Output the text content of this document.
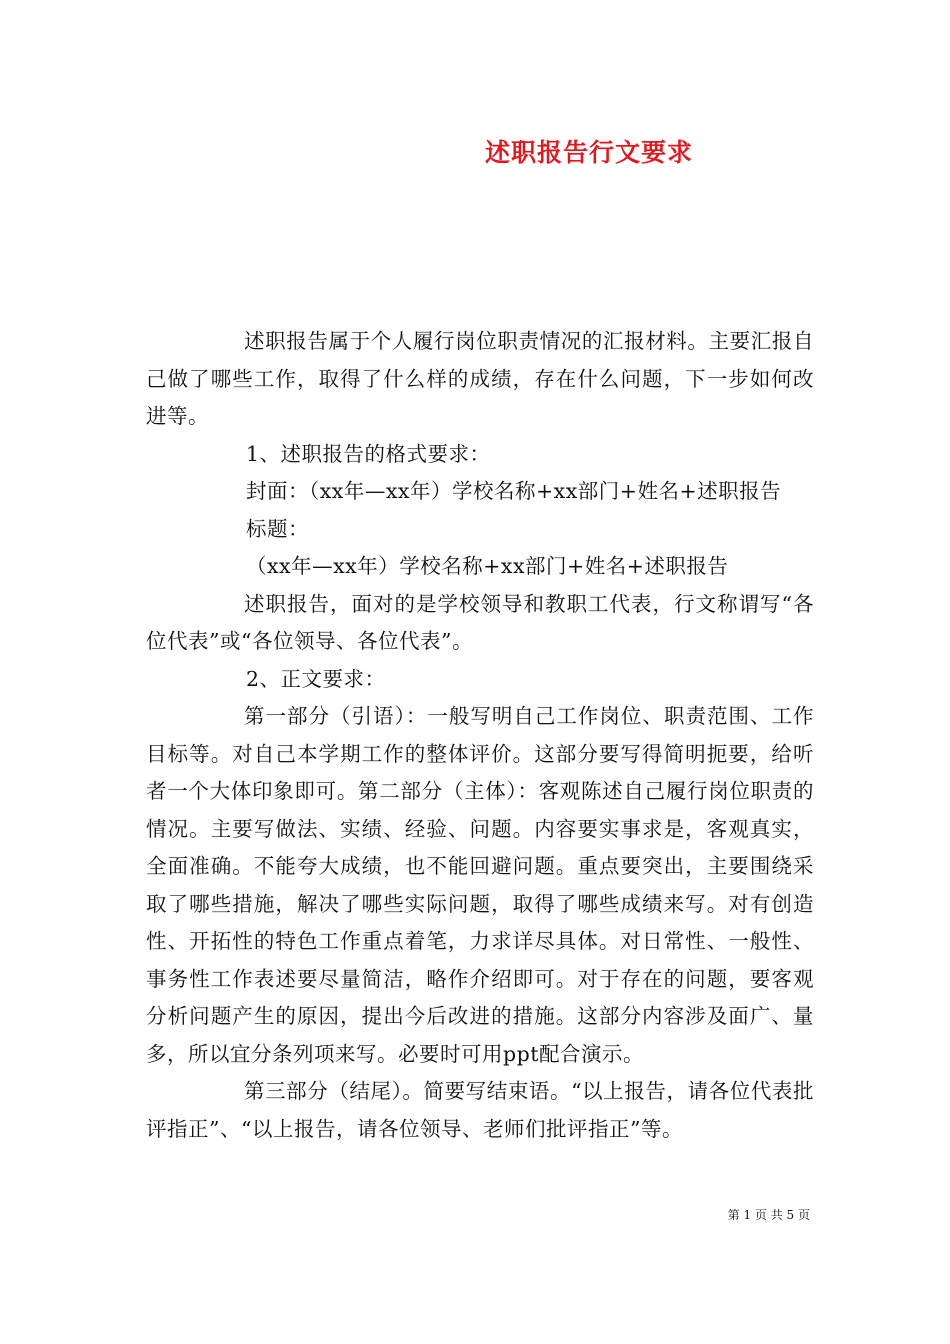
述职报告行文要求

述职报告属于个人履行岗位职责情况的汇报材料。主要汇报自己做了哪些工作，取得了什么样的成绩，存在什么问题，下一步如何改进等。

1、述职报告的格式要求：

封面：（xx年—xx年）学校名称+xx部门+姓名+述职报告

标题：

（xx年—xx年）学校名称+xx部门+姓名+述职报告

述职报告，面对的是学校领导和教职工代表，行文称谓写“各位代表”或“各位领导、各位代表”。

2、正文要求：

第一部分（引语）：一般写明自己工作岗位、职责范围、工作目标等。对自己本学期工作的整体评价。这部分要写得简明扼要，给听者一个大体印象即可。第二部分（主体）：客观陈述自己履行岗位职责的情况。主要写做法、实绩、经验、问题。内容要实事求是，客观真实，全面准确。不能夸大成绩，也不能回避问题。重点要突出，主要围绕采取了哪些措施，解决了哪些实际问题，取得了哪些成绩来写。对有创造性、开拓性的特色工作重点着笔，力求详尽具体。对日常性、一般性、事务性工作表述要尽量简洁，略作介绍即可。对于存在的问题，要客观分析问题产生的原因，提出今后改进的措施。这部分内容涉及面广、量多，所以宜分条列项来写。必要时可用ppt配合演示。

第三部分（结尾）。简要写结束语。“以上报告，请各位代表批评指正”、“以上报告，请各位领导、老师们批评指正”等。

第 1 页 共 5 页
